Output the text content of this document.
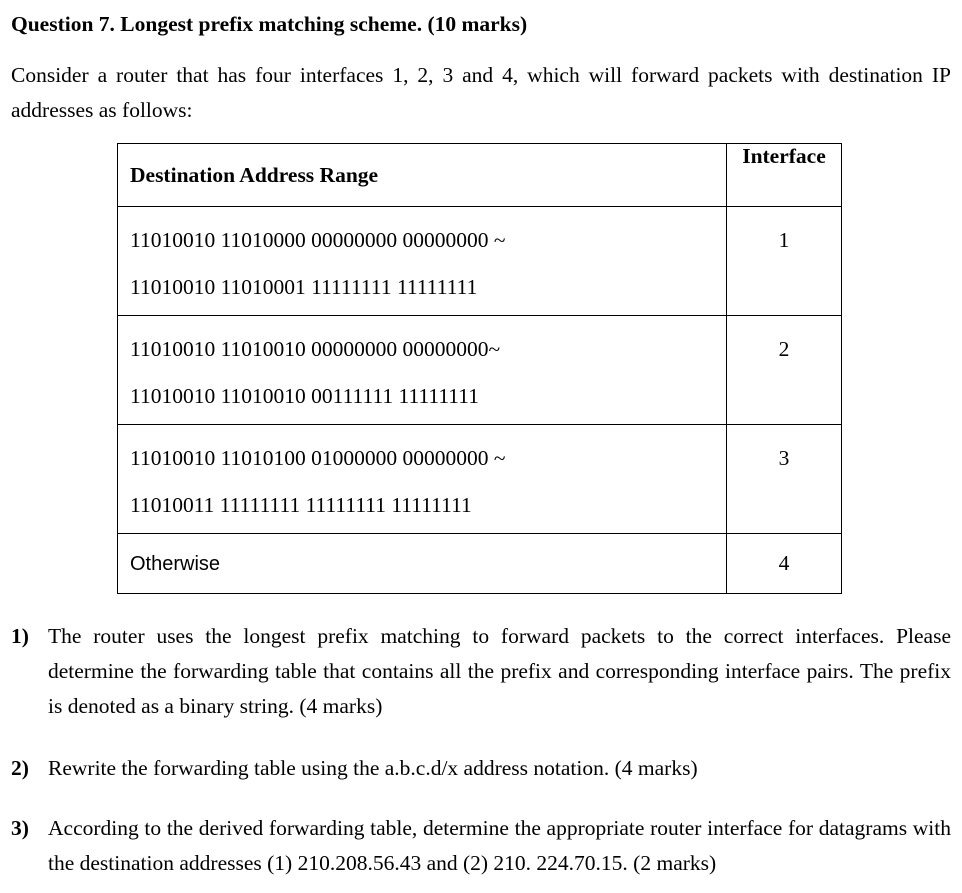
Question 7. Longest prefix matching scheme. (10 marks)
Consider a router that has four interfaces 1, 2, 3 and 4, which will forward packets with destination IP addresses as follows:
Destination Address Range	Interface

11010010 11010000 00000000 00000000 ~
11010010 11010001 11111111 11111111	1

11010010 11010010 00000000 00000000~
11010010 11010010 00111111 11111111	2

11010010 11010100 01000000 00000000 ~
11010011 11111111 11111111 11111111	3

Otherwise	4
1) The router uses the longest prefix matching to forward packets to the correct interfaces. Please determine the forwarding table that contains all the prefix and corresponding interface pairs. The prefix is denoted as a binary string. (4 marks)
2) Rewrite the forwarding table using the a.b.c.d/x address notation. (4 marks)
3) According to the derived forwarding table, determine the appropriate router interface for datagrams with the destination addresses (1) 210.208.56.43 and (2) 210. 224.70.15. (2 marks)
